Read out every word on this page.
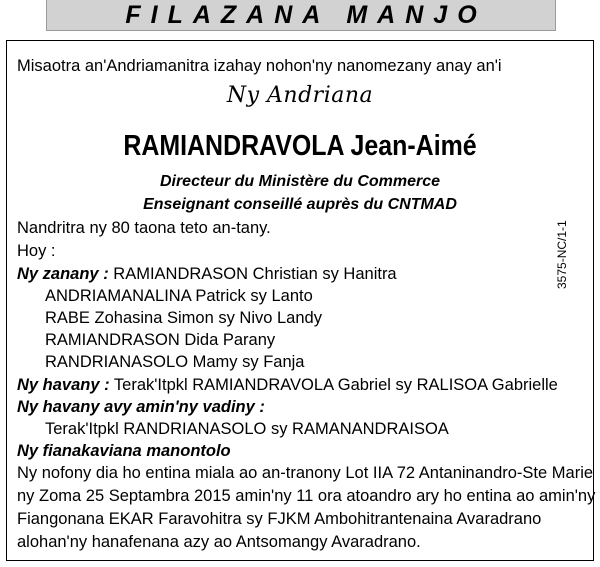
FILAZANA MANJO
Misaotra an'Andriamanitra izahay nohon'ny nanomezany anay an'i
Ny Andriana
RAMIANDRAVOLA Jean-Aimé
Directeur du Ministère du Commerce
Enseignant conseillé auprès du CNTMAD
Nandritra ny 80 taona teto an-tany.
Hoy :
Ny zanany : RAMIANDRASON Christian sy Hanitra
ANDRIAMANALINA Patrick sy Lanto
RABE Zohasina Simon sy Nivo Landy
RAMIANDRASON Dida Parany
RANDRIANASOLO Mamy sy Fanja
Ny havany : Terak'Itpkl RAMIANDRAVOLA Gabriel sy RALISOA Gabrielle
Ny havany avy amin'ny vadiny :
Terak'Itpkl RANDRIANASOLO sy RAMANANDRAISOA
Ny fianakaviana manontolo
Ny nofony dia ho entina miala ao an-tranony Lot IIA 72 Antaninandro-Ste Marie
ny Zoma 25 Septambra 2015 amin'ny 11 ora atoandro ary ho entina ao amin'ny
Fiangonana EKAR Faravohitra sy FJKM Ambohitrantenaina Avaradrano
alohan'ny hanafenana azy ao Antsomangy Avaradrano.
3575-NC/1-1
